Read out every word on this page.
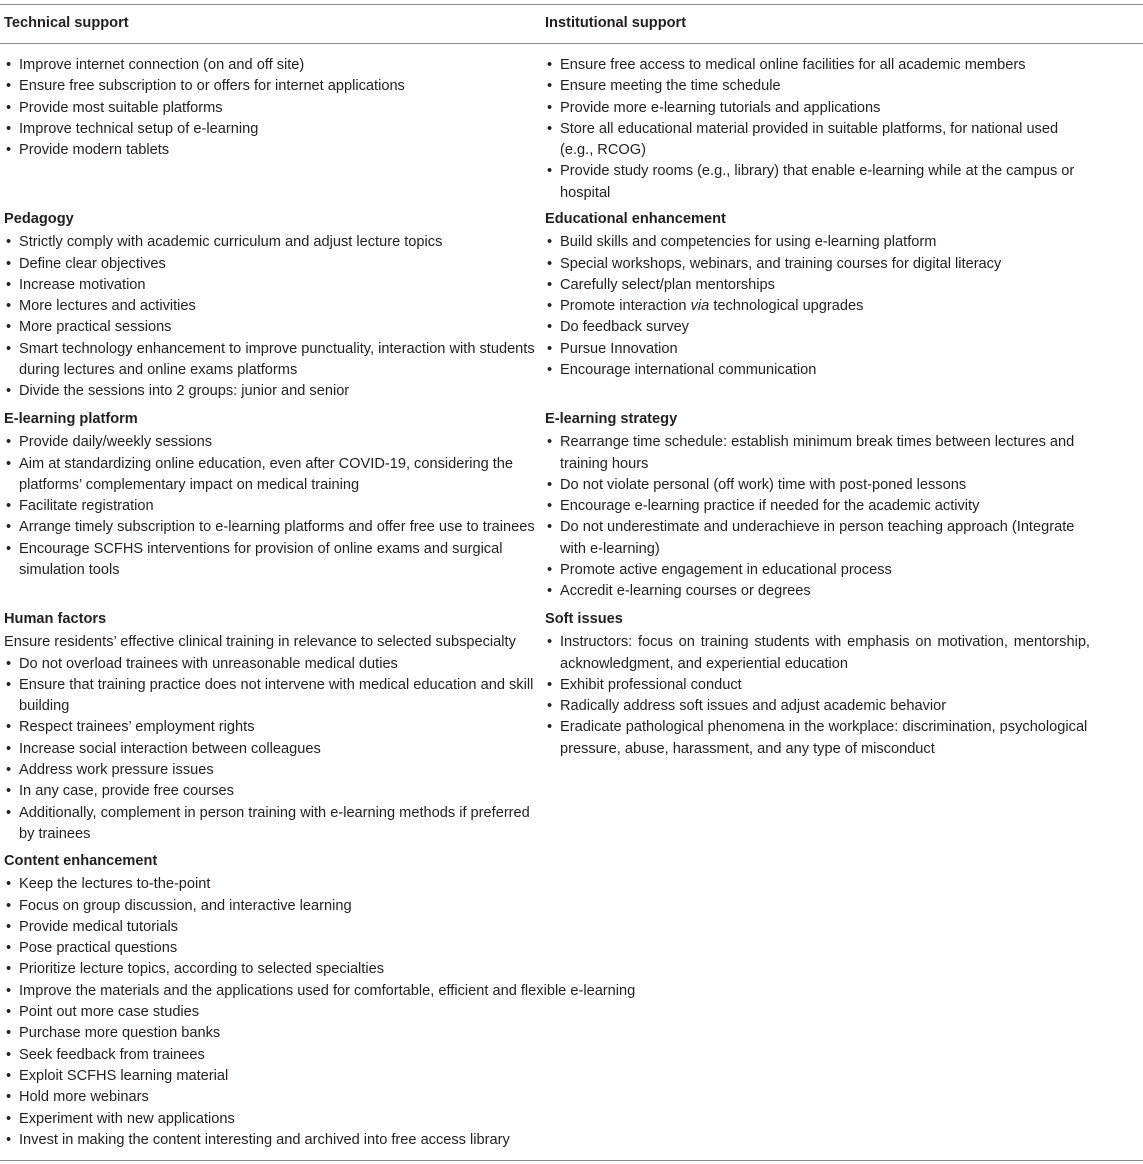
Technical support	Institutional support
• Improve internet connection (on and off site)
• Ensure free subscription to or offers for internet applications
• Provide most suitable platforms
• Improve technical setup of e-learning
• Provide modern tablets
Pedagogy
• Strictly comply with academic curriculum and adjust lecture topics
• Define clear objectives
• Increase motivation
• More lectures and activities
• More practical sessions
• Smart technology enhancement to improve punctuality, interaction with students during lectures and online exams platforms
• Divide the sessions into 2 groups: junior and senior
E-learning platform
• Provide daily/weekly sessions
• Aim at standardizing online education, even after COVID-19, considering the platforms’ complementary impact on medical training
• Facilitate registration
• Arrange timely subscription to e-learning platforms and offer free use to trainees
• Encourage SCFHS interventions for provision of online exams and surgical simulation tools
Human factors
Ensure residents’ effective clinical training in relevance to selected subspecialty
• Do not overload trainees with unreasonable medical duties
• Ensure that training practice does not intervene with medical education and skill building
• Respect trainees’ employment rights
• Increase social interaction between colleagues
• Address work pressure issues
• In any case, provide free courses
• Additionally, complement in person training with e-learning methods if preferred by trainees
Content enhancement
• Keep the lectures to-the-point
• Focus on group discussion, and interactive learning
• Provide medical tutorials
• Pose practical questions
• Prioritize lecture topics, according to selected specialties
• Improve the materials and the applications used for comfortable, efficient and flexible e-learning
• Point out more case studies
• Purchase more question banks
• Seek feedback from trainees
• Exploit SCFHS learning material
• Hold more webinars
• Experiment with new applications
• Invest in making the content interesting and archived into free access library
• Ensure free access to medical online facilities for all academic members
• Ensure meeting the time schedule
• Provide more e-learning tutorials and applications
• Store all educational material provided in suitable platforms, for national used (e.g., RCOG)
• Provide study rooms (e.g., library) that enable e-learning while at the campus or hospital
Educational enhancement
• Build skills and competencies for using e-learning platform
• Special workshops, webinars, and training courses for digital literacy
• Carefully select/plan mentorships
• Promote interaction via technological upgrades
• Do feedback survey
• Pursue Innovation
• Encourage international communication
E-learning strategy
• Rearrange time schedule: establish minimum break times between lectures and training hours
• Do not violate personal (off work) time with post-poned lessons
• Encourage e-learning practice if needed for the academic activity
• Do not underestimate and underachieve in person teaching approach (Integrate with e-learning)
• Promote active engagement in educational process
• Accredit e-learning courses or degrees
Soft issues
• Instructors: focus on training students with emphasis on motivation, mentorship, acknowledgment, and experiential education
• Exhibit professional conduct
• Radically address soft issues and adjust academic behavior
• Eradicate pathological phenomena in the workplace: discrimination, psychological pressure, abuse, harassment, and any type of misconduct
